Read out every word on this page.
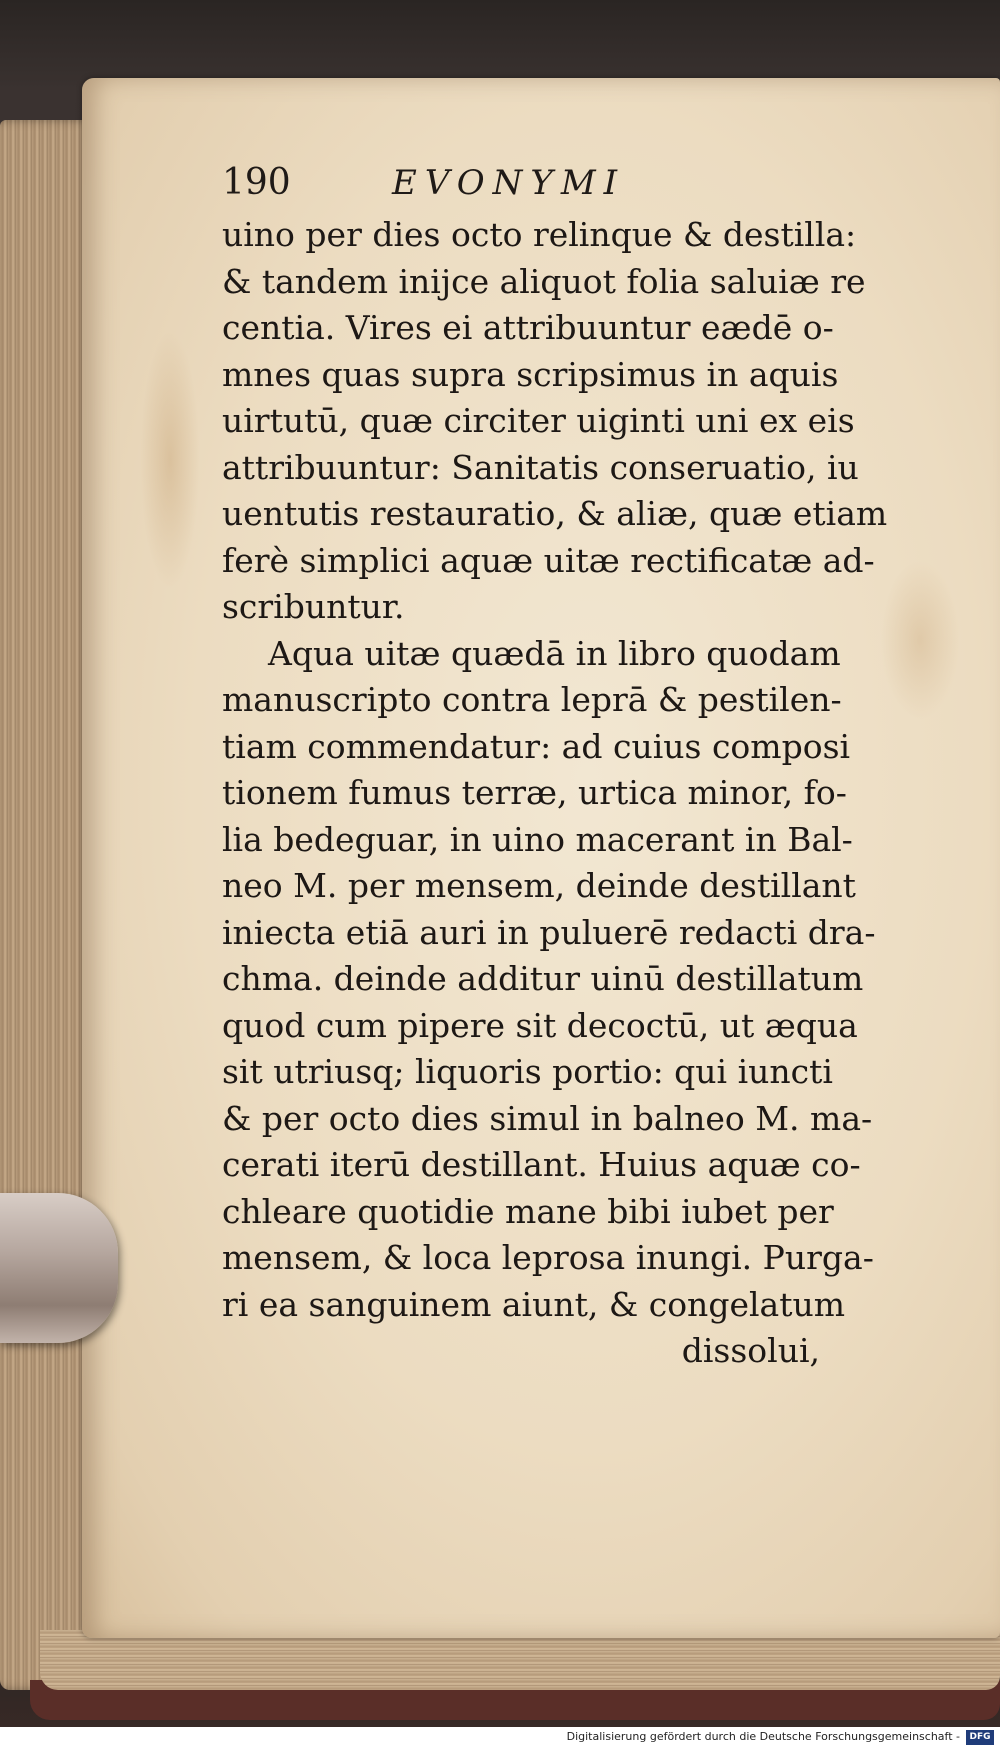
190	EVONYMI
uino per dies octo relinque & destilla:
& tandem inijce aliquot folia saluiæ re
centia. Vires ei attribuuntur eædē o-
mnes quas supra scripsimus in aquis
uirtutū, quæ circiter uiginti uni ex eis
attribuuntur: Sanitatis conseruatio, iu
uentutis restauratio, & aliæ, quæ etiam
ferè simplici aquæ uitæ rectificatæ ad-
scribuntur.
Aqua uitæ quædā in libro quodam
manuscripto contra leprā & pestilen-
tiam commendatur: ad cuius composi
tionem fumus terræ, urtica minor, fo-
lia bedeguar, in uino macerant in Bal-
neo M. per mensem, deinde destillant
iniecta etiā auri in puluerē redacti dra-
chma. deinde additur uinū destillatum
quod cum pipere sit decoctū, ut æqua
sit utriusq; liquoris portio: qui iuncti
& per octo dies simul in balneo M. ma-
cerati iterū destillant. Huius aquæ co-
chleare quotidie mane bibi iubet per
mensem, & loca leprosa inungi. Purga-
ri ea sanguinem aiunt, & congelatum
dissolui,
Digitalisierung gefördert durch die Deutsche Forschungsgemeinschaft -	DFG
